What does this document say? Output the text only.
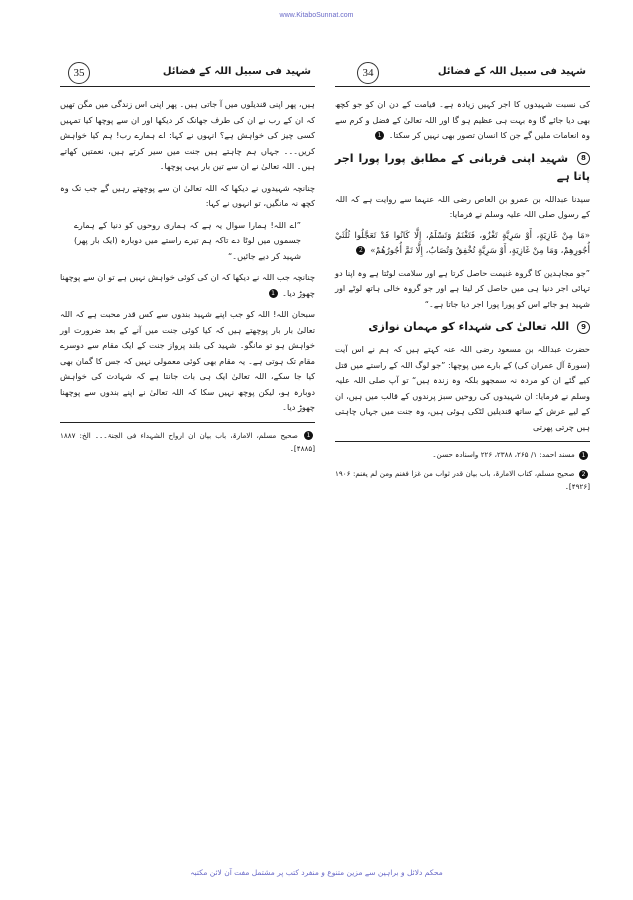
www.KitaboSunnat.com
35	شہید فی سبیل اللہ کے فضائل

ہیں، پھر اپنی قندیلوں میں آ جاتی ہیں۔ پھر اپنی اس زندگی میں مگن تھیں کہ ان کے رب نے ان کی طرف جھانک کر دیکھا اور ان سے پوچھا کیا تمہیں کسی چیز کی خواہش ہے؟ انہوں نے کہا: اے ہمارے رب! ہم کیا خواہش کریں۔۔۔ جہاں ہم چاہتے ہیں جنت میں سیر کرتے ہیں، نعمتیں کھاتے ہیں۔ اللہ تعالیٰ نے ان سے تین بار یہی پوچھا۔

چنانچہ شہیدوں نے دیکھا کہ اللہ تعالیٰ ان سے پوچھتے رہیں گے جب تک وہ کچھ نہ مانگیں، تو انہوں نے کہا:

”اے اللہ! ہمارا سوال یہ ہے کہ ہماری روحوں کو دنیا کے ہمارے جسموں میں لوٹا دے تاکہ ہم تیرے راستے میں دوبارہ (ایک بار پھر) شہید کر دیے جائیں۔“

چنانچہ جب اللہ نے دیکھا کہ ان کی کوئی خواہش نہیں ہے تو ان سے پوچھنا چھوڑ دیا۔ 1

سبحان اللہ! اللہ کو جب اپنے شہید بندوں سے کس قدر محبت ہے کہ اللہ تعالیٰ بار بار پوچھتے ہیں کہ کیا کوئی جنت میں آنے کے بعد ضرورت اور خواہش ہو تو مانگو۔ شہید کی بلند پرواز جنت کے ایک مقام سے دوسرے مقام تک ہوتی ہے۔ یہ مقام بھی کوئی معمولی نہیں کہ جس کا گمان بھی کیا جا سکے، اللہ تعالیٰ ایک ہی بات جانتا ہے کہ شہادت کی خواہش دوبارہ ہو، لیکن پوچھ نہیں سکا کہ اللہ تعالیٰ نے اپنے بندوں سے پوچھنا چھوڑ دیا۔

1 صحیح مسلم، الامارۃ، باب بیان ان ارواح الشہداء فی الجنۃ۔۔۔ الخ: ۱۸۸۷ [۴۸۸۵]۔

34	شہید فی سبیل اللہ کے فضائل

کی نسبت شہیدوں کا اجر کہیں زیادہ ہے۔ قیامت کے دن ان کو جو کچھ بھی دیا جائے گا وہ بہت ہی عظیم ہو گا اور اللہ تعالیٰ کے فضل و کرم سے وہ انعامات ملیں گے جن کا انسان تصور بھی نہیں کر سکتا۔ 1

8 شہید اپنی قربانی کے مطابق پورا پورا اجر پاتا ہے

سیدنا عبداللہ بن عمرو بن العاص رضی اللہ عنہما سے روایت ہے کہ اللہ کے رسول صلی اللہ علیہ وسلم نے فرمایا:

«مَا مِنْ غَازِيَةٍ، أَوْ سَرِيَّةٍ تَغْزُو، فَتَغْنَمُ وَتَسْلَمُ، إِلَّا كَانُوا قَدْ تَعَجَّلُوا ثُلُثَيْ أُجُورِهِمْ، وَمَا مِنْ غَازِيَةٍ، أَوْ سَرِيَّةٍ تُخْفِقُ وَتُصَابُ، إِلَّا تَمَّ أُجُورُهُمْ» 2

”جو مجاہدین کا گروہ غنیمت حاصل کرتا ہے اور سلامت لوٹتا ہے وہ اپنا دو تہائی اجر دنیا ہی میں حاصل کر لیتا ہے اور جو گروہ خالی ہاتھ لوٹے اور شہید ہو جائے اس کو پورا پورا اجر دیا جاتا ہے۔“

9 اللہ تعالیٰ کی شہداء کو مہمان نوازی

حضرت عبداللہ بن مسعود رضی اللہ عنہ کہتے ہیں کہ ہم نے اس آیت (سورۃ آل عمران کی) کے بارے میں پوچھا: ”جو لوگ اللہ کے راستے میں قتل کیے گئے ان کو مردہ نہ سمجھو بلکہ وہ زندہ ہیں“ تو آپ صلی اللہ علیہ وسلم نے فرمایا: ان شہیدوں کی روحیں سبز پرندوں کے قالب میں ہیں، ان کے لیے عرش کے ساتھ قندیلیں لٹکی ہوئی ہیں، وہ جنت میں جہاں چاہتی ہیں چرتی پھرتی

1 مسند احمد: ۱/ ۲۶۵، ۲۳۸۸، ۲۲۶ واسنادہ حسن۔

2 صحیح مسلم، کتاب الامارۃ، باب بیان قدر ثواب من غزا فغنم ومن لم یغنم: ۱۹۰۶ [۴۹۲۶]۔

محکم دلائل و براہین سے مزین متنوع و منفرد کتب پر مشتمل مفت آن لائن مکتبہ
